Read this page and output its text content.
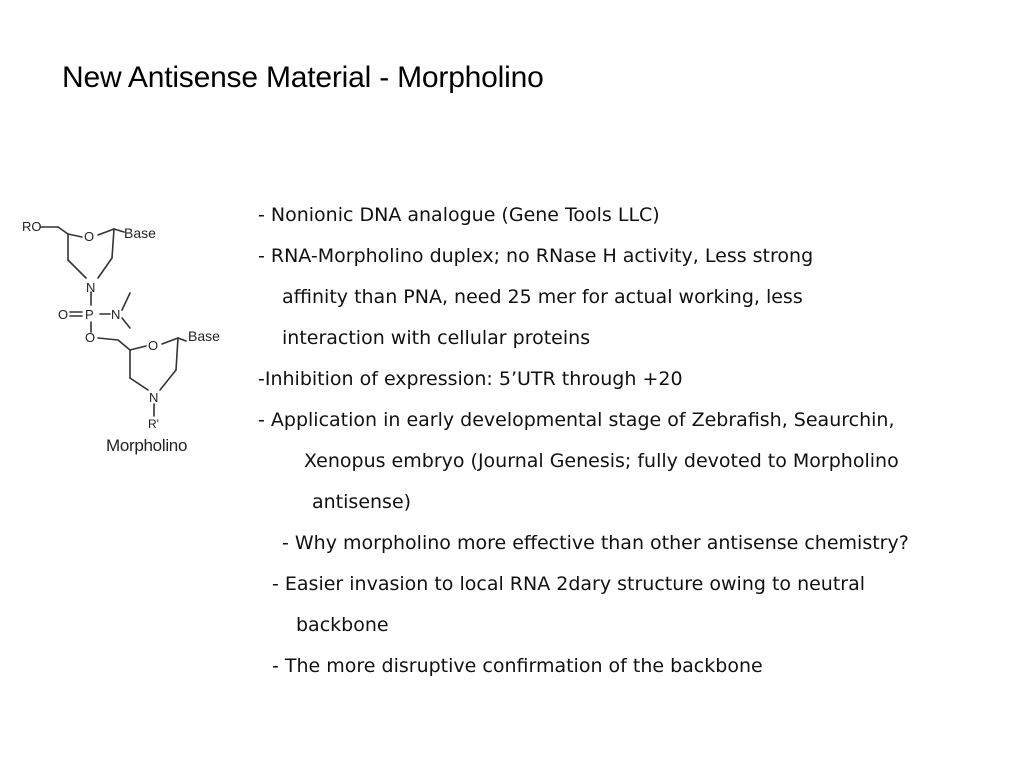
New Antisense Material - Morpholino
RO	Base
O
N
O P N
O
O
Base
N
R'
Morpholino
- Nonionic DNA analogue (Gene Tools LLC)
- RNA-Morpholino duplex; no RNase H activity, Less strong
affinity than PNA, need 25 mer for actual working, less
interaction with cellular proteins
-Inhibition of expression: 5’UTR through +20
- Application in early developmental stage of Zebrafish, Seaurchin,
Xenopus embryo (Journal Genesis; fully devoted to Morpholino
antisense)
- Why morpholino more effective than other antisense chemistry?
- Easier invasion to local RNA 2dary structure owing to neutral
backbone
- The more disruptive confirmation of the backbone
